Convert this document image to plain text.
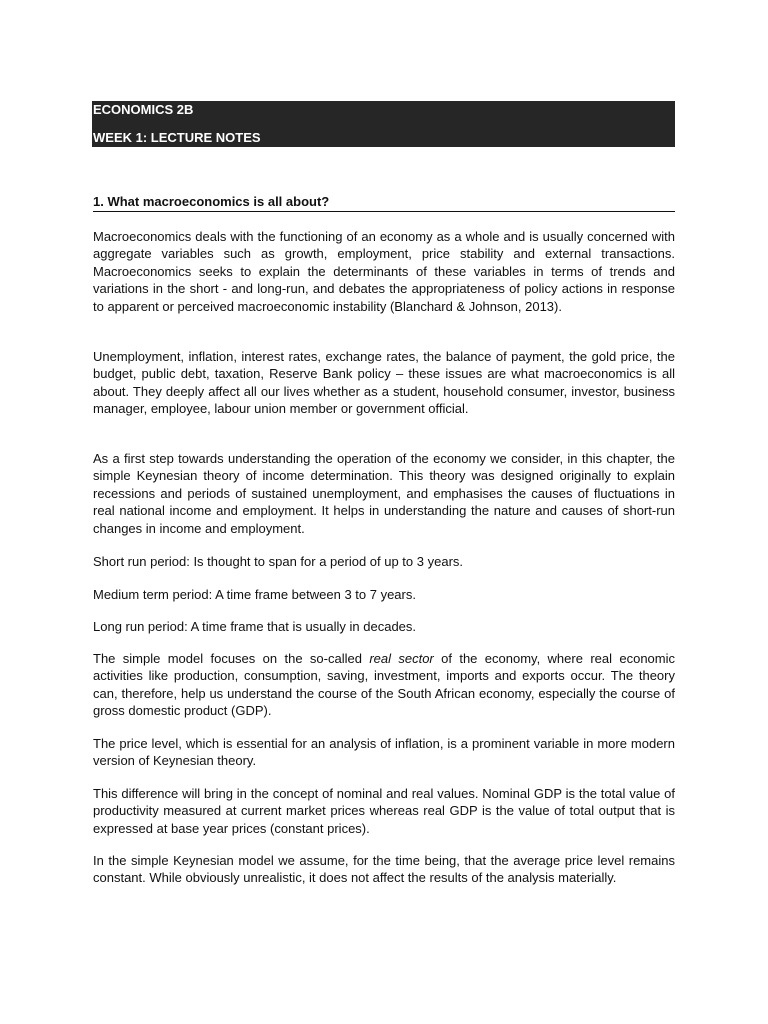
ECONOMICS 2B
WEEK 1: LECTURE NOTES
1. What macroeconomics is all about?

Macroeconomics deals with the functioning of an economy as a whole and is usually concerned with aggregate variables such as growth, employment, price stability and external transactions. Macroeconomics seeks to explain the determinants of these variables in terms of trends and variations in the short - and long-run, and debates the appropriateness of policy actions in response to apparent or perceived macroeconomic instability (Blanchard & Johnson, 2013).

Unemployment, inflation, interest rates, exchange rates, the balance of payment, the gold price, the budget, public debt, taxation, Reserve Bank policy – these issues are what macroeconomics is all about. They deeply affect all our lives whether as a student, household consumer, investor, business manager, employee, labour union member or government official.

As a first step towards understanding the operation of the economy we consider, in this chapter, the simple Keynesian theory of income determination. This theory was designed originally to explain recessions and periods of sustained unemployment, and emphasises the causes of fluctuations in real national income and employment. It helps in understanding the nature and causes of short-run changes in income and employment.

Short run period: Is thought to span for a period of up to 3 years.

Medium term period: A time frame between 3 to 7 years.

Long run period: A time frame that is usually in decades.

The simple model focuses on the so-called real sector of the economy, where real economic activities like production, consumption, saving, investment, imports and exports occur. The theory can, therefore, help us understand the course of the South African economy, especially the course of gross domestic product (GDP).

The price level, which is essential for an analysis of inflation, is a prominent variable in more modern version of Keynesian theory.

This difference will bring in the concept of nominal and real values. Nominal GDP is the total value of productivity measured at current market prices whereas real GDP is the value of total output that is expressed at base year prices (constant prices).

In the simple Keynesian model we assume, for the time being, that the average price level remains constant. While obviously unrealistic, it does not affect the results of the analysis materially.
